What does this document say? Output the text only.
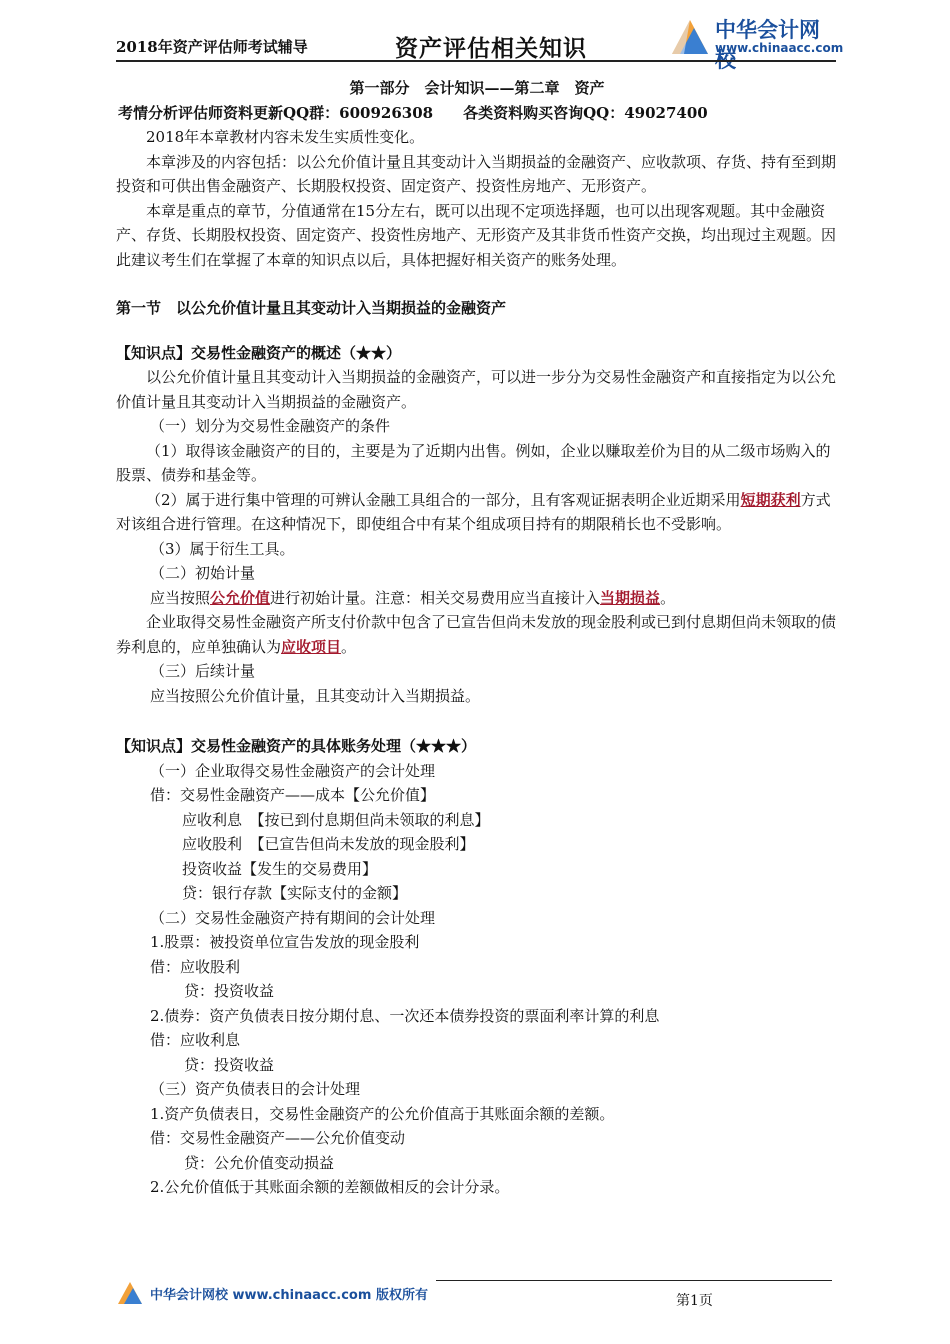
2018年资产评估师考试辅导	资产评估相关知识
中华会计网校
www.chinaacc.com

第一部分　会计知识——第二章　资产

考情分析评估师资料更新QQ群：600926308　　各类资料购买咨询QQ：49027400

2018年本章教材内容未发生实质性变化。

本章涉及的内容包括：以公允价值计量且其变动计入当期损益的金融资产、应收款项、存货、持有至到期投资和可供出售金融资产、长期股权投资、固定资产、投资性房地产、无形资产。

本章是重点的章节，分值通常在15分左右，既可以出现不定项选择题，也可以出现客观题。其中金融资产、存货、长期股权投资、固定资产、投资性房地产、无形资产及其非货币性资产交换，均出现过主观题。因此建议考生们在掌握了本章的知识点以后，具体把握好相关资产的账务处理。

第一节　以公允价值计量且其变动计入当期损益的金融资产

【知识点】交易性金融资产的概述（★★）

以公允价值计量且其变动计入当期损益的金融资产，可以进一步分为交易性金融资产和直接指定为以公允价值计量且其变动计入当期损益的金融资产。

（一）划分为交易性金融资产的条件

（1）取得该金融资产的目的，主要是为了近期内出售。例如，企业以赚取差价为目的从二级市场购入的股票、债券和基金等。

（2）属于进行集中管理的可辨认金融工具组合的一部分，且有客观证据表明企业近期采用短期获利方式对该组合进行管理。在这种情况下，即使组合中有某个组成项目持有的期限稍长也不受影响。

（3）属于衍生工具。

（二）初始计量

应当按照公允价值进行初始计量。注意：相关交易费用应当直接计入当期损益。

企业取得交易性金融资产所支付价款中包含了已宣告但尚未发放的现金股利或已到付息期但尚未领取的债券利息的，应单独确认为应收项目。

（三）后续计量

应当按照公允价值计量，且其变动计入当期损益。

【知识点】交易性金融资产的具体账务处理（★★★）

（一）企业取得交易性金融资产的会计处理

借：交易性金融资产——成本【公允价值】

应收利息　【按已到付息期但尚未领取的利息】

应收股利　【已宣告但尚未发放的现金股利】

投资收益【发生的交易费用】

贷：银行存款【实际支付的金额】

（二）交易性金融资产持有期间的会计处理

1.股票：被投资单位宣告发放的现金股利

借：应收股利

贷：投资收益

2.债券：资产负债表日按分期付息、一次还本债券投资的票面利率计算的利息

借：应收利息

贷：投资收益

（三）资产负债表日的会计处理

1.资产负债表日，交易性金融资产的公允价值高于其账面余额的差额。

借：交易性金融资产——公允价值变动

贷：公允价值变动损益

2.公允价值低于其账面余额的差额做相反的会计分录。

中华会计网校 www.chinaacc.com 版权所有	第1页
